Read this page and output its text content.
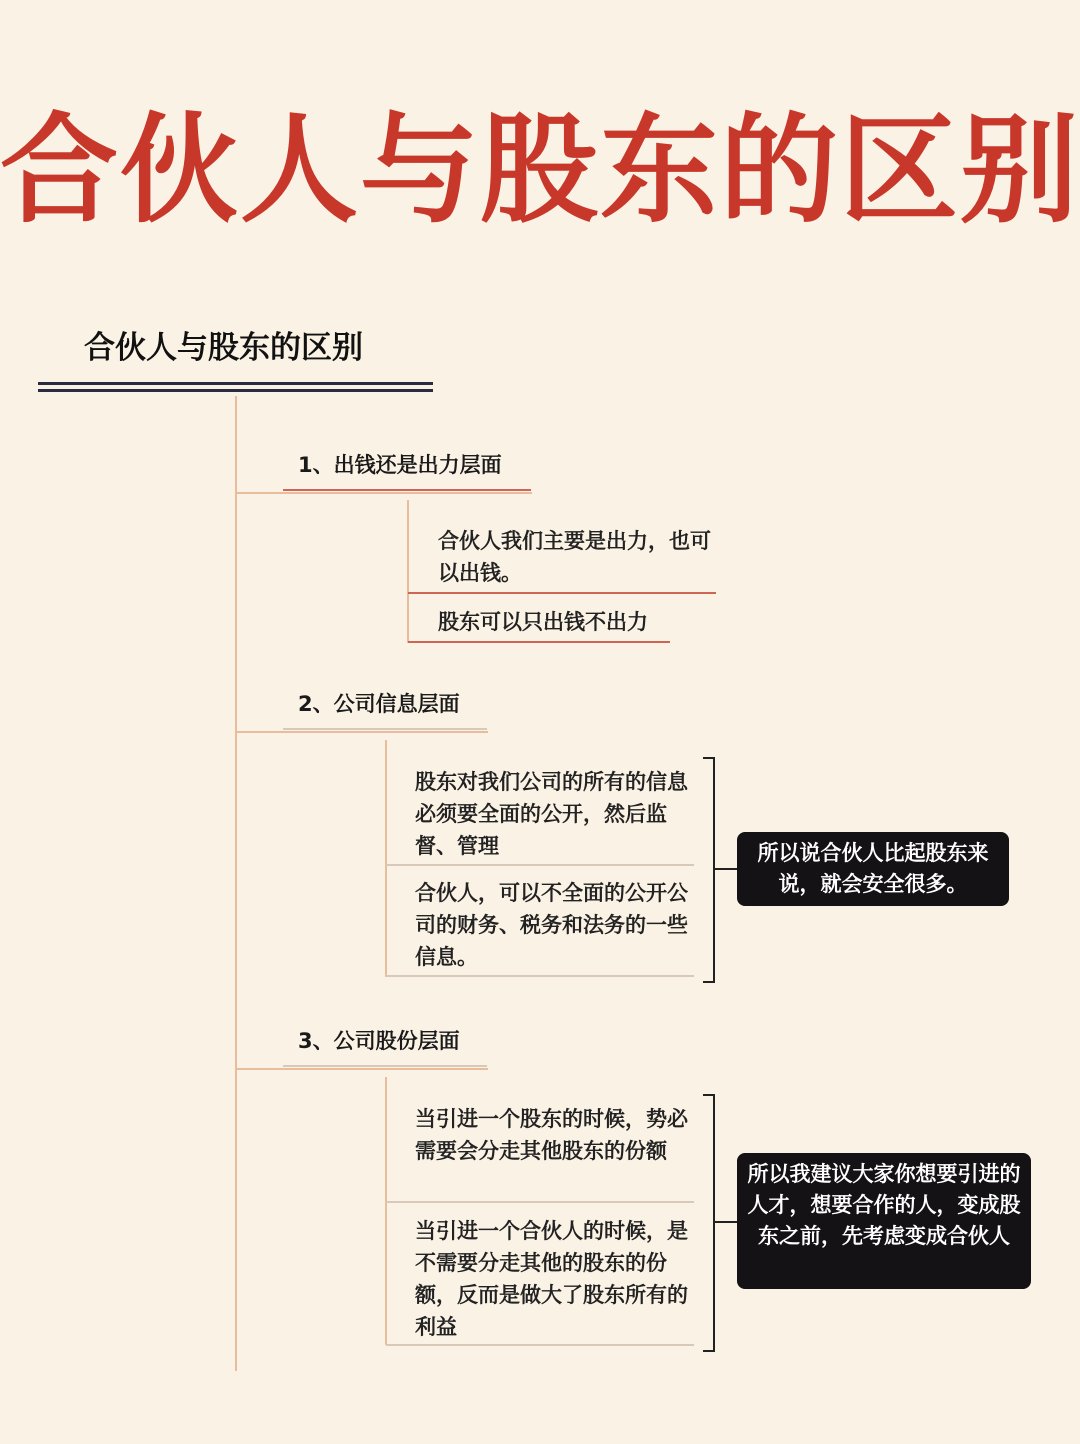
合伙人与股东的区别
合伙人与股东的区别
1、出钱还是出力层面
合伙人我们主要是出力，也可以出钱。
股东可以只出钱不出力
2、公司信息层面
股东对我们公司的所有的信息必须要全面的公开，然后监督、管理
合伙人，可以不全面的公开公司的财务、税务和法务的一些信息。
所以说合伙人比起股东来说，就会安全很多。
3、公司股份层面
当引进一个股东的时候，势必需要会分走其他股东的份额
当引进一个合伙人的时候，是不需要分走其他的股东的份额，反而是做大了股东所有的利益
所以我建议大家你想要引进的人才，想要合作的人，变成股东之前，先考虑变成合伙人
